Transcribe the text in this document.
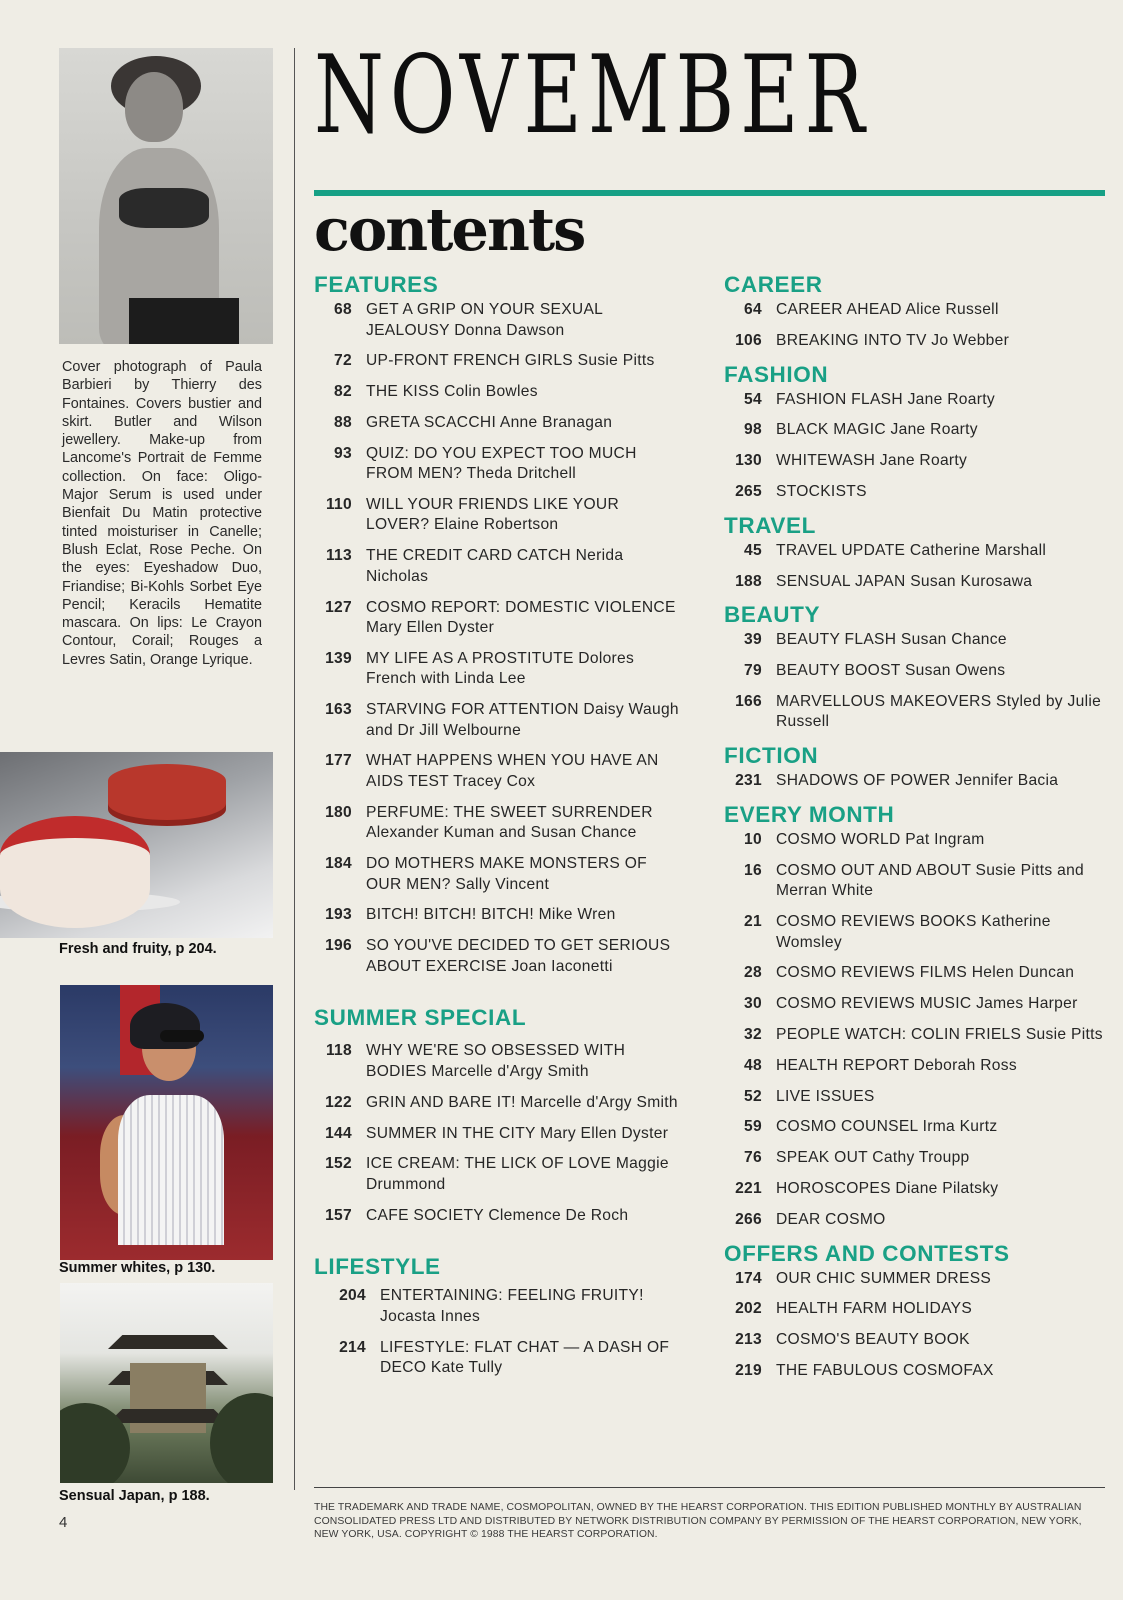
Cover photograph of Paula Barbieri by Thierry des Fontaines. Covers bustier and skirt. Butler and Wilson jewellery. Make-up from Lancome's Portrait de Femme collection. On face: Oligo-Major Serum is used under Bienfait Du Matin protective tinted moisturiser in Canelle; Blush Eclat, Rose Peche. On the eyes: Eyeshadow Duo, Friandise; Bi-Kohls Sorbet Eye Pencil; Keracils Hematite mascara. On lips: Le Crayon Contour, Corail; Rouges a Levres Satin, Orange Lyrique.
Fresh and fruity, p 204.
Summer whites, p 130.
Sensual Japan, p 188.
4
NOVEMBER
contents
FEATURES
68 GET A GRIP ON YOUR SEXUAL JEALOUSY Donna Dawson
72 UP-FRONT FRENCH GIRLS Susie Pitts
82 THE KISS Colin Bowles
88 GRETA SCACCHI Anne Branagan
93 QUIZ: DO YOU EXPECT TOO MUCH FROM MEN? Theda Dritchell
110 WILL YOUR FRIENDS LIKE YOUR LOVER? Elaine Robertson
113 THE CREDIT CARD CATCH Nerida Nicholas
127 COSMO REPORT: DOMESTIC VIOLENCE Mary Ellen Dyster
139 MY LIFE AS A PROSTITUTE Dolores French with Linda Lee
163 STARVING FOR ATTENTION Daisy Waugh and Dr Jill Welbourne
177 WHAT HAPPENS WHEN YOU HAVE AN AIDS TEST Tracey Cox
180 PERFUME: THE SWEET SURRENDER Alexander Kuman and Susan Chance
184 DO MOTHERS MAKE MONSTERS OF OUR MEN? Sally Vincent
193 BITCH! BITCH! BITCH! Mike Wren
196 SO YOU'VE DECIDED TO GET SERIOUS ABOUT EXERCISE Joan Iaconetti
SUMMER SPECIAL
118 WHY WE'RE SO OBSESSED WITH BODIES Marcelle d'Argy Smith
122 GRIN AND BARE IT! Marcelle d'Argy Smith
144 SUMMER IN THE CITY Mary Ellen Dyster
152 ICE CREAM: THE LICK OF LOVE Maggie Drummond
157 CAFE SOCIETY Clemence De Roch
LIFESTYLE
204 ENTERTAINING: FEELING FRUITY! Jocasta Innes
214 LIFESTYLE: FLAT CHAT — A DASH OF DECO Kate Tully
CAREER
64 CAREER AHEAD Alice Russell
106 BREAKING INTO TV Jo Webber
FASHION
54 FASHION FLASH Jane Roarty
98 BLACK MAGIC Jane Roarty
130 WHITEWASH Jane Roarty
265 STOCKISTS
TRAVEL
45 TRAVEL UPDATE Catherine Marshall
188 SENSUAL JAPAN Susan Kurosawa
BEAUTY
39 BEAUTY FLASH Susan Chance
79 BEAUTY BOOST Susan Owens
166 MARVELLOUS MAKEOVERS Styled by Julie Russell
FICTION
231 SHADOWS OF POWER Jennifer Bacia
EVERY MONTH
10 COSMO WORLD Pat Ingram
16 COSMO OUT AND ABOUT Susie Pitts and Merran White
21 COSMO REVIEWS BOOKS Katherine Womsley
28 COSMO REVIEWS FILMS Helen Duncan
30 COSMO REVIEWS MUSIC James Harper
32 PEOPLE WATCH: COLIN FRIELS Susie Pitts
48 HEALTH REPORT Deborah Ross
52 LIVE ISSUES
59 COSMO COUNSEL Irma Kurtz
76 SPEAK OUT Cathy Troupp
221 HOROSCOPES Diane Pilatsky
266 DEAR COSMO
OFFERS AND CONTESTS
174 OUR CHIC SUMMER DRESS
202 HEALTH FARM HOLIDAYS
213 COSMO'S BEAUTY BOOK
219 THE FABULOUS COSMOFAX
THE TRADEMARK AND TRADE NAME, COSMOPOLITAN, OWNED BY THE HEARST CORPORATION. THIS EDITION PUBLISHED MONTHLY BY AUSTRALIAN CONSOLIDATED PRESS LTD AND DISTRIBUTED BY NETWORK DISTRIBUTION COMPANY BY PERMISSION OF THE HEARST CORPORATION, NEW YORK, NEW YORK, USA. COPYRIGHT © 1988 THE HEARST CORPORATION.
